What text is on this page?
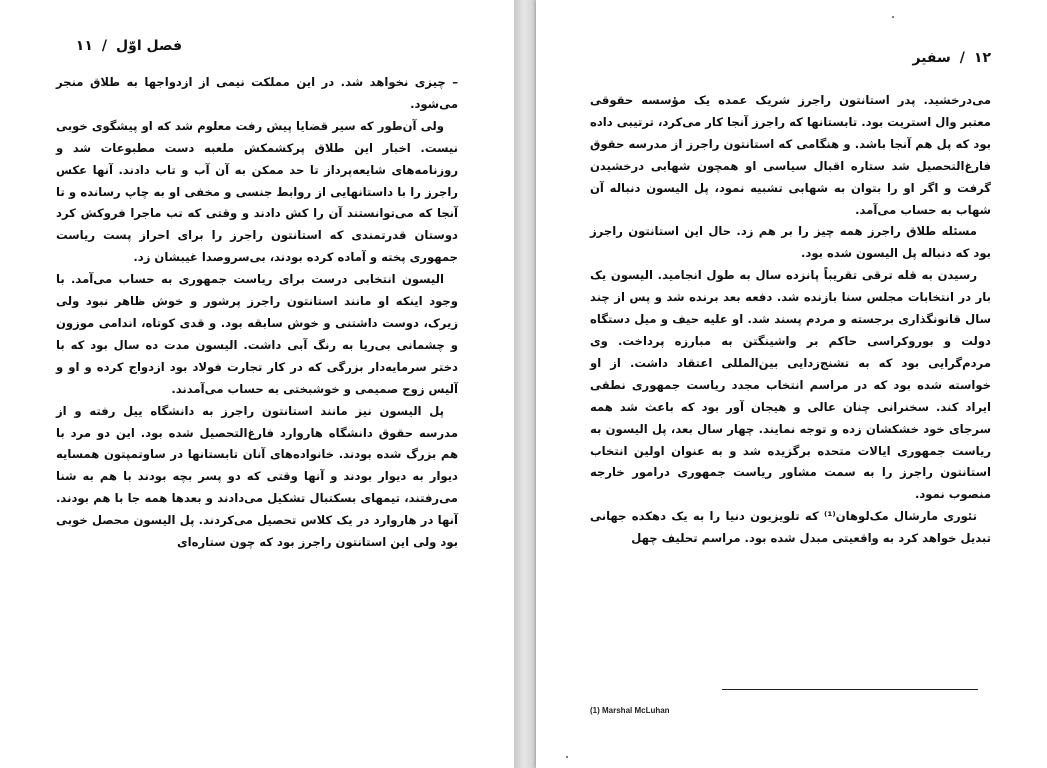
فصل اوّل/۱۱

– چیزی نخواهد شد. در این مملکت نیمی از ازدواجها به طلاق منجر می‌شود.

ولی آن‌طور که سیر قضایا پیش رفت معلوم شد که او پیشگوی خوبی نیست. اخبار این طلاق پرکشمکش ملعبه دست مطبوعات شد و روزنامه‌های شایعه‌پرداز تا حد ممکن به آن آب و تاب دادند. آنها عکس راجرز را با داستانهایی از روابط جنسی و مخفی او به چاپ رسانده و تا آنجا که می‌توانستند آن را کش دادند و وقتی که تب ماجرا فروکش کرد دوستان قدرتمندی که استانتون راجرز را برای احراز پست ریاست جمهوری پخته و آماده کرده بودند، بی‌سروصدا غیبشان زد.

الیسون انتخابی درست برای ریاست جمهوری به حساب می‌آمد. با وجود اینکه او مانند استانتون راجرز پرشور و خوش ظاهر نبود ولی زیرک، دوست داشتنی و خوش سابقه بود. و قدی کوتاه، اندامی موزون و چشمانی بی‌ریا به رنگ آبی داشت. الیسون مدت ده سال بود که با دختر سرمایه‌دار بزرگی که در کار تجارت فولاد بود ازدواج کرده و او و آلیس زوج صمیمی و خوشبختی به حساب می‌آمدند.

پل الیسون نیز مانند استانتون راجرز به دانشگاه ییل رفته و از مدرسه حقوق دانشگاه هاروارد فارغ‌التحصیل شده بود. این دو مرد با هم بزرگ شده بودند. خانواده‌های آنان تابستانها در ساوتمپتون همسایه دیوار به دیوار بودند و آنها وقتی که دو پسر بچه بودند با هم به شنا می‌رفتند، تیمهای بسکتبال تشکیل می‌دادند و بعدها همه جا با هم بودند. آنها در هاروارد در یک کلاس تحصیل می‌کردند. پل الیسون محصل خوبی بود ولی این استانتون راجرز بود که چون ستاره‌ای

۱۲/سفیر

می‌درخشید. پدر استانتون راجرز شریک عمده یک مؤسسه حقوقی معتبر وال استریت بود. تابستانها که راجرز آنجا کار می‌کرد، ترتیبی داده بود که پل هم آنجا باشد. و هنگامی که استانتون راجرز از مدرسه حقوق فارغ‌التحصیل شد ستاره اقبال سیاسی او همچون شهابی درخشیدن گرفت و اگر او را بتوان به شهابی تشبیه نمود، پل الیسون دنباله آن شهاب به حساب می‌آمد.

مسئله طلاق راجرز همه چیز را بر هم زد. حال این استانتون راجرز بود که دنباله پل الیسون شده بود.

رسیدن به قله ترقی تقریباً پانزده سال به طول انجامید. الیسون یک بار در انتخابات مجلس سنا بازنده شد. دفعه بعد برنده شد و پس از چند سال قانونگذاری برجسته و مردم پسند شد. او علیه حیف و میل دستگاه دولت و بوروکراسی حاکم بر واشینگتن به مبارزه پرداخت. وی مردم‌گرایی بود که به تشنج‌زدایی بین‌المللی اعتقاد داشت. از او خواسته شده بود که در مراسم انتخاب مجدد ریاست جمهوری نطقی ایراد کند. سخنرانی چنان عالی و هیجان آور بود که باعث شد همه سرجای خود خشکشان زده و توجه نمایند. چهار سال بعد، پل الیسون به ریاست جمهوری ایالات متحده برگزیده شد و به عنوان اولین انتخاب استانتون راجرز را به سمت مشاور ریاست جمهوری درامور خارجه منصوب نمود.

تئوری مارشال مک‌لوهان⁽¹⁾ که تلویزیون دنیا را به یک دهکده جهانی تبدیل خواهد کرد به واقعیتی مبدل شده بود. مراسم تحلیف چهل

(1) Marshal McLuhan
